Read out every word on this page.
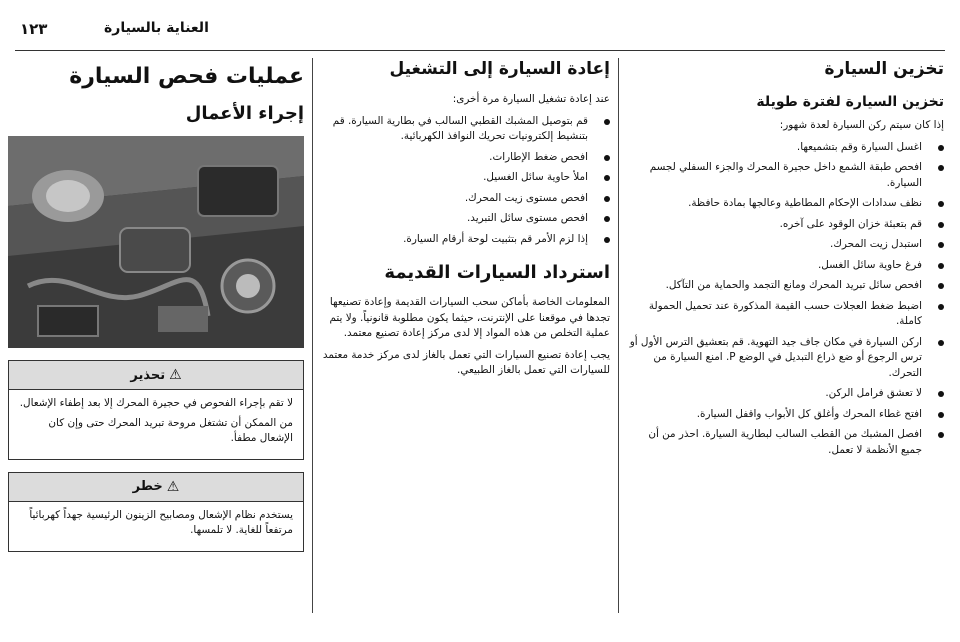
١٢٣	العناية بالسيارة
تخزين السيارة
تخزين السيارة لفترة طويلة

إذا كان سيتم ركن السيارة لعدة شهور:

اغسل السيارة وقم بتشميعها.
افحص طبقة الشمع داخل حجيرة المحرك والجزء السفلي لجسم السيارة.
نظف سدادات الإحكام المطاطية وعالجها بمادة حافظة.
قم بتعبئة خزان الوقود على آخره.
استبدل زيت المحرك.
فرغ حاوية سائل الغسل.
افحص سائل تبريد المحرك ومانع التجمد والحماية من التآكل.
اضبط ضغط العجلات حسب القيمة المذكورة عند تحميل الحمولة كاملة.
اركن السيارة في مكان جاف جيد التهوية. قم بتعشيق الترس الأول أو ترس الرجوع أو ضع ذراع التبديل في الوضع P. امنع السيارة من التحرك.
لا تعشق فرامل الركن.
افتح غطاء المحرك وأغلق كل الأبواب واقفل السيارة.
افصل المشبك من القطب السالب لبطارية السيارة. احذر من أن جميع الأنظمة لا تعمل.
إعادة السيارة إلى التشغيل

عند إعادة تشغيل السيارة مرة أخرى:

قم بتوصيل المشبك القطبي السالب في بطارية السيارة. قم بتنشيط إلكترونيات تحريك النوافذ الكهربائية.
افحص ضغط الإطارات.
املأ حاوية سائل الغسيل.
افحص مستوى زيت المحرك.
افحص مستوى سائل التبريد.
إذا لزم الأمر قم بتثبيت لوحة أرقام السيارة.
استرداد السيارات القديمة

المعلومات الخاصة بأماكن سحب السيارات القديمة وإعادة تصنيعها تجدها في موقعنا على الإنترنت، حيثما يكون مطلوبة قانونياً. ولا يتم عملية التخلص من هذه المواد إلا لدى مركز إعادة تصنيع معتمد.

يجب إعادة تصنيع السيارات التي تعمل بالغاز لدى مركز خدمة معتمد للسيارات التي تعمل بالغاز الطبيعي.

عمليات فحص السيارة
إجراء الأعمال
⚠
تحذير

لا تقم بإجراء الفحوص في حجيرة المحرك إلا بعد إطفاء الإشعال.

من الممكن أن تشتغل مروحة تبريد المحرك حتى وإن كان الإشعال مطفأ.

⚠
خطر

يستخدم نظام الإشعال ومصابيح الزينون الرئيسية جهداً كهربائياً مرتفعاً للغاية. لا تلمسها.
